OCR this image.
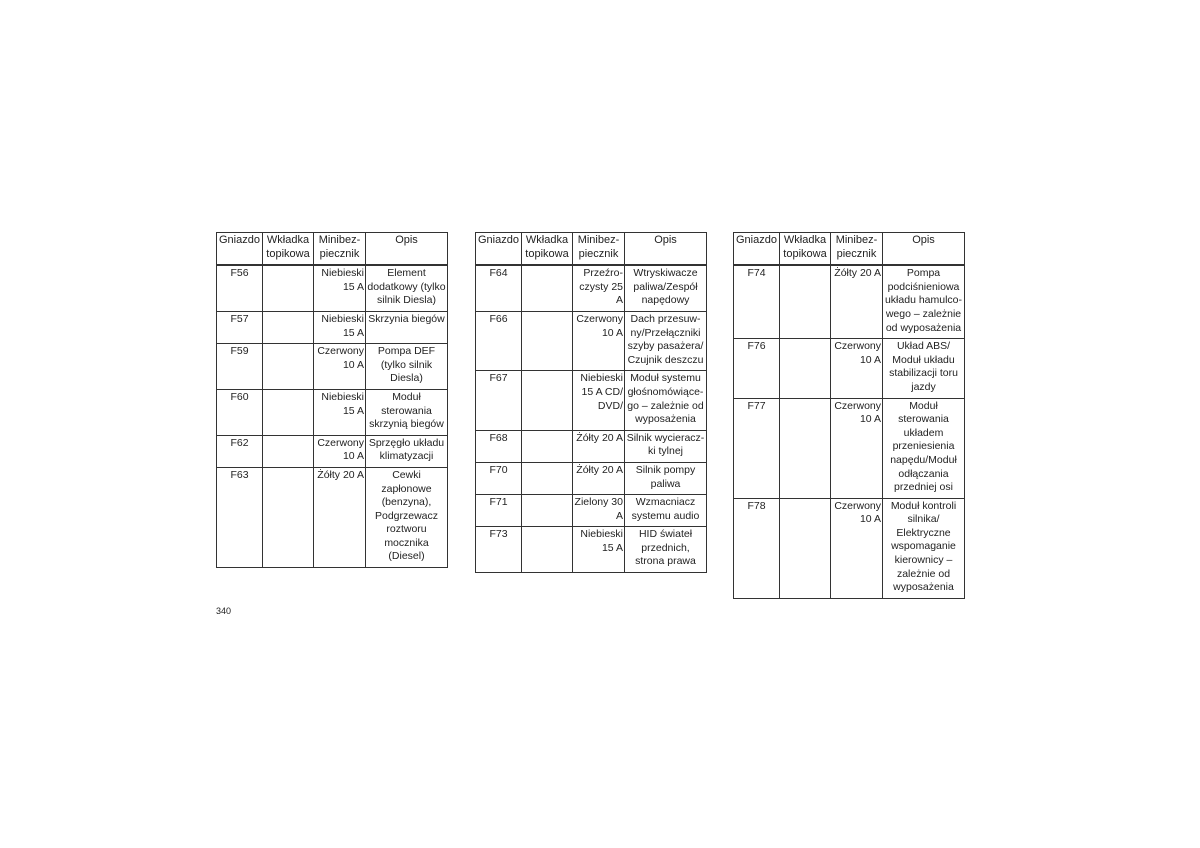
Gniazdo	Wkładka topikowa	Minibez-piecznik	Opis
F56		Niebieski 15 A	Element dodatkowy (tylko silnik Diesla)
F57		Niebieski 15 A	Skrzynia biegów
F59		Czerwony 10 A	Pompa DEF (tylko silnik Diesla)
F60		Niebieski 15 A	Moduł sterowania skrzynią biegów
F62		Czerwony 10 A	Sprzęgło układu klimatyzacji
F63		Żółty 20 A	Cewki zapłonowe (benzyna), Podgrzewacz roztworu mocznika (Diesel)
Gniazdo	Wkładka topikowa	Minibez-piecznik	Opis
F64		Przeźro-czysty 25 A	Wtryskiwacze paliwa/Zespół napędowy
F66		Czerwony 10 A	Dach przesuw-ny/Przełączniki szyby pasażera/ Czujnik deszczu
F67		Niebieski 15 A CD/ DVD/	Moduł systemu głośnomówiące-go – zależnie od wyposażenia
F68		Żółty 20 A	Silnik wycieracz-ki tylnej
F70		Żółty 20 A	Silnik pompy paliwa
F71		Zielony 30 A	Wzmacniacz systemu audio
F73		Niebieski 15 A	HID świateł przednich, strona prawa
Gniazdo	Wkładka topikowa	Minibez-piecznik	Opis
F74		Żółty 20 A	Pompa podciśnieniowa układu hamulco-wego – zależnie od wyposażenia
F76		Czerwony 10 A	Układ ABS/ Moduł układu stabilizacji toru jazdy
F77		Czerwony 10 A	Moduł sterowania układem przeniesienia napędu/Moduł odłączania przedniej osi
F78		Czerwony 10 A	Moduł kontroli silnika/ Elektryczne wspomaganie kierownicy – zależnie od wyposażenia
340
